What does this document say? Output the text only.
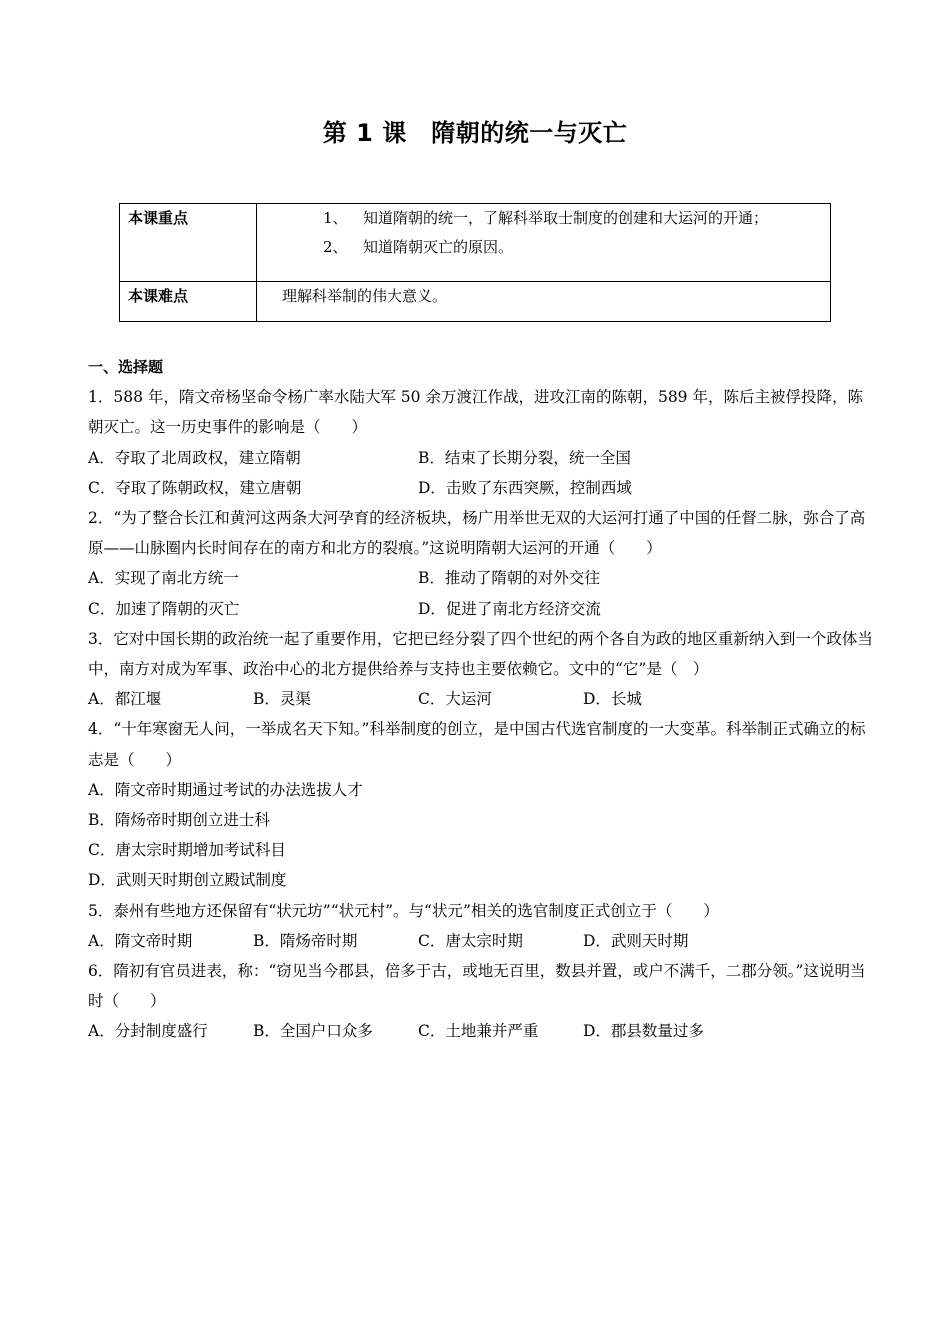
第 1 课　隋朝的统一与灭亡
本课重点	1、 知道隋朝的统一，了解科举取士制度的创建和大运河的开通；

2、 知道隋朝灭亡的原因。

本课难点	理解科举制的伟大意义。
一、选择题

1．588 年，隋文帝杨坚命令杨广率水陆大军 50 余万渡江作战，进攻江南的陈朝，589 年，陈后主被俘投降，陈朝灭亡。这一历史事件的影响是（　　）

A．夺取了北周政权，建立隋朝	B．结束了长期分裂，统一全国
C．夺取了陈朝政权，建立唐朝	D．击败了东西突厥，控制西域

2．“为了整合长江和黄河这两条大河孕育的经济板块，杨广用举世无双的大运河打通了中国的任督二脉，弥合了高原——山脉圈内长时间存在的南方和北方的裂痕。”这说明隋朝大运河的开通（　　）

A．实现了南北方统一	B．推动了隋朝的对外交往
C．加速了隋朝的灭亡	D．促进了南北方经济交流

3．它对中国长期的政治统一起了重要作用，它把已经分裂了四个世纪的两个各自为政的地区重新纳入到一个政体当中，南方对成为军事、政治中心的北方提供给养与支持也主要依赖它。文中的“它”是（　）

A．都江堰	B．灵渠	C．大运河	D．长城

4．“十年寒窗无人问，一举成名天下知。”科举制度的创立，是中国古代选官制度的一大变革。科举制正式确立的标志是（　　）

A．隋文帝时期通过考试的办法选拔人才

B．隋炀帝时期创立进士科

C．唐太宗时期增加考试科目

D．武则天时期创立殿试制度

5．泰州有些地方还保留有“状元坊”“状元村”。与“状元”相关的选官制度正式创立于（　　）

A．隋文帝时期	B．隋炀帝时期	C．唐太宗时期	D．武则天时期

6．隋初有官员进表，称：“窃见当今郡县，倍多于古，或地无百里，数县并置，或户不满千，二郡分领。”这说明当时（　　）

A．分封制度盛行	B．全国户口众多	C．土地兼并严重	D．郡县数量过多
